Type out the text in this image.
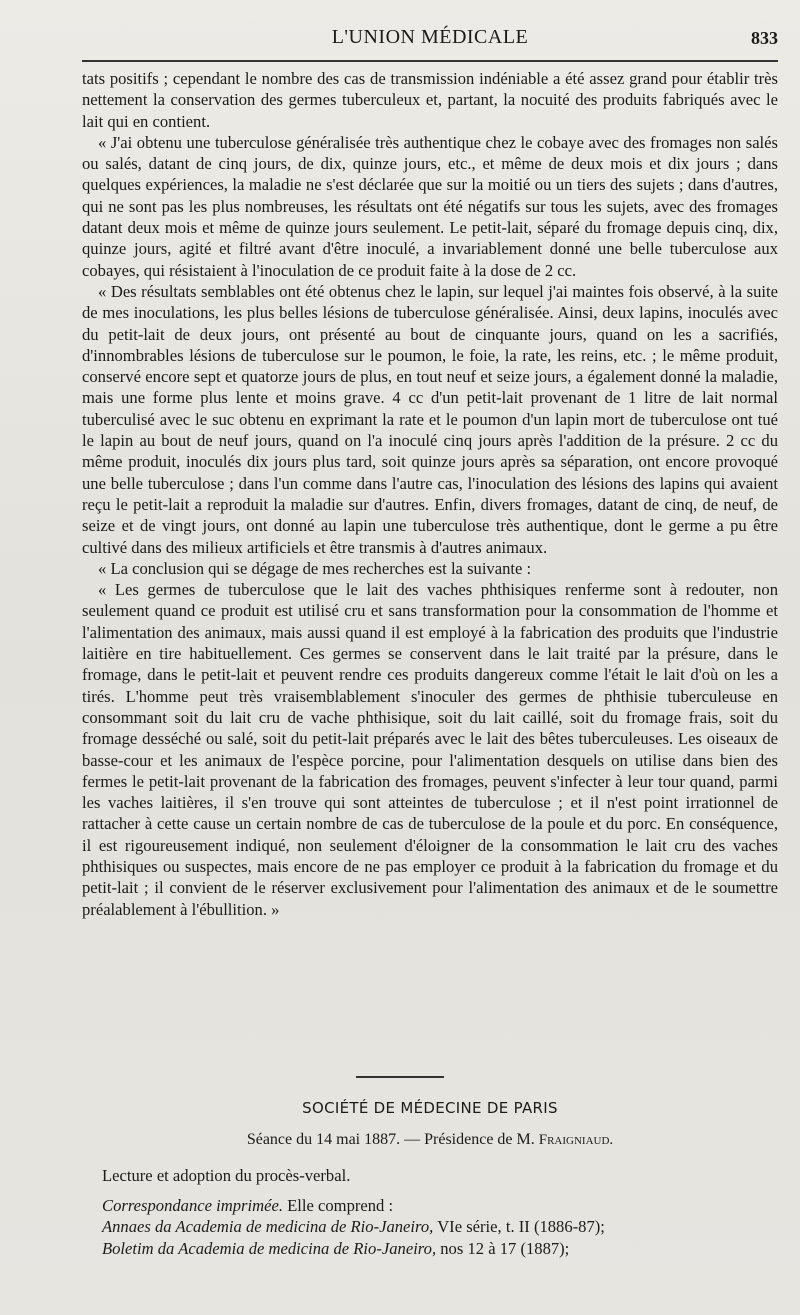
L'UNION MÉDICALE	833

tats positifs ; cependant le nombre des cas de transmission indéniable a été assez grand pour établir très nettement la conservation des germes tuberculeux et, partant, la nocuité des produits fabriqués avec le lait qui en contient.

« J'ai obtenu une tuberculose généralisée très authentique chez le cobaye avec des fromages non salés ou salés, datant de cinq jours, de dix, quinze jours, etc., et même de deux mois et dix jours ; dans quelques expériences, la maladie ne s'est déclarée que sur la moitié ou un tiers des sujets ; dans d'autres, qui ne sont pas les plus nombreuses, les résultats ont été négatifs sur tous les sujets, avec des fromages datant deux mois et même de quinze jours seulement. Le petit-lait, séparé du fromage depuis cinq, dix, quinze jours, agité et filtré avant d'être inoculé, a invariablement donné une belle tuberculose aux cobayes, qui résistaient à l'inoculation de ce produit faite à la dose de 2 cc.

« Des résultats semblables ont été obtenus chez le lapin, sur lequel j'ai maintes fois observé, à la suite de mes inoculations, les plus belles lésions de tuberculose généralisée. Ainsi, deux lapins, inoculés avec du petit-lait de deux jours, ont présenté au bout de cinquante jours, quand on les a sacrifiés, d'innombrables lésions de tuberculose sur le poumon, le foie, la rate, les reins, etc. ; le même produit, conservé encore sept et quatorze jours de plus, en tout neuf et seize jours, a également donné la maladie, mais une forme plus lente et moins grave. 4 cc d'un petit-lait provenant de 1 litre de lait normal tuberculisé avec le suc obtenu en exprimant la rate et le poumon d'un lapin mort de tuberculose ont tué le lapin au bout de neuf jours, quand on l'a inoculé cinq jours après l'addition de la présure. 2 cc du même produit, inoculés dix jours plus tard, soit quinze jours après sa séparation, ont encore provoqué une belle tuberculose ; dans l'un comme dans l'autre cas, l'inoculation des lésions des lapins qui avaient reçu le petit-lait a reproduit la maladie sur d'autres. Enfin, divers fromages, datant de cinq, de neuf, de seize et de vingt jours, ont donné au lapin une tuberculose très authentique, dont le germe a pu être cultivé dans des milieux artificiels et être transmis à d'autres animaux.

« La conclusion qui se dégage de mes recherches est la suivante :

« Les germes de tuberculose que le lait des vaches phthisiques renferme sont à redouter, non seulement quand ce produit est utilisé cru et sans transformation pour la consommation de l'homme et l'alimentation des animaux, mais aussi quand il est employé à la fabrication des produits que l'industrie laitière en tire habituellement. Ces germes se conservent dans le lait traité par la présure, dans le fromage, dans le petit-lait et peuvent rendre ces produits dangereux comme l'était le lait d'où on les a tirés. L'homme peut très vraisemblablement s'inoculer des germes de phthisie tuberculeuse en consommant soit du lait cru de vache phthisique, soit du lait caillé, soit du fromage frais, soit du fromage desséché ou salé, soit du petit-lait préparés avec le lait des bêtes tuberculeuses. Les oiseaux de basse-cour et les animaux de l'espèce porcine, pour l'alimentation desquels on utilise dans bien des fermes le petit-lait provenant de la fabrication des fromages, peuvent s'infecter à leur tour quand, parmi les vaches laitières, il s'en trouve qui sont atteintes de tuberculose ; et il n'est point irrationnel de rattacher à cette cause un certain nombre de cas de tuberculose de la poule et du porc. En conséquence, il est rigoureusement indiqué, non seulement d'éloigner de la consommation le lait cru des vaches phthisiques ou suspectes, mais encore de ne pas employer ce produit à la fabrication du fromage et du petit-lait ; il convient de le réserver exclusivement pour l'alimentation des animaux et de le soumettre préalablement à l'ébullition. »

SOCIÉTÉ DE MÉDECINE DE PARIS
Séance du 14 mai 1887. — Présidence de M. Fraigniaud.

Lecture et adoption du procès-verbal.

Correspondance imprimée. Elle comprend :

Annaes da Academia de medicina de Rio-Janeiro, VIe série, t. II (1886-87);

Boletim da Academia de medicina de Rio-Janeiro, nos 12 à 17 (1887);
